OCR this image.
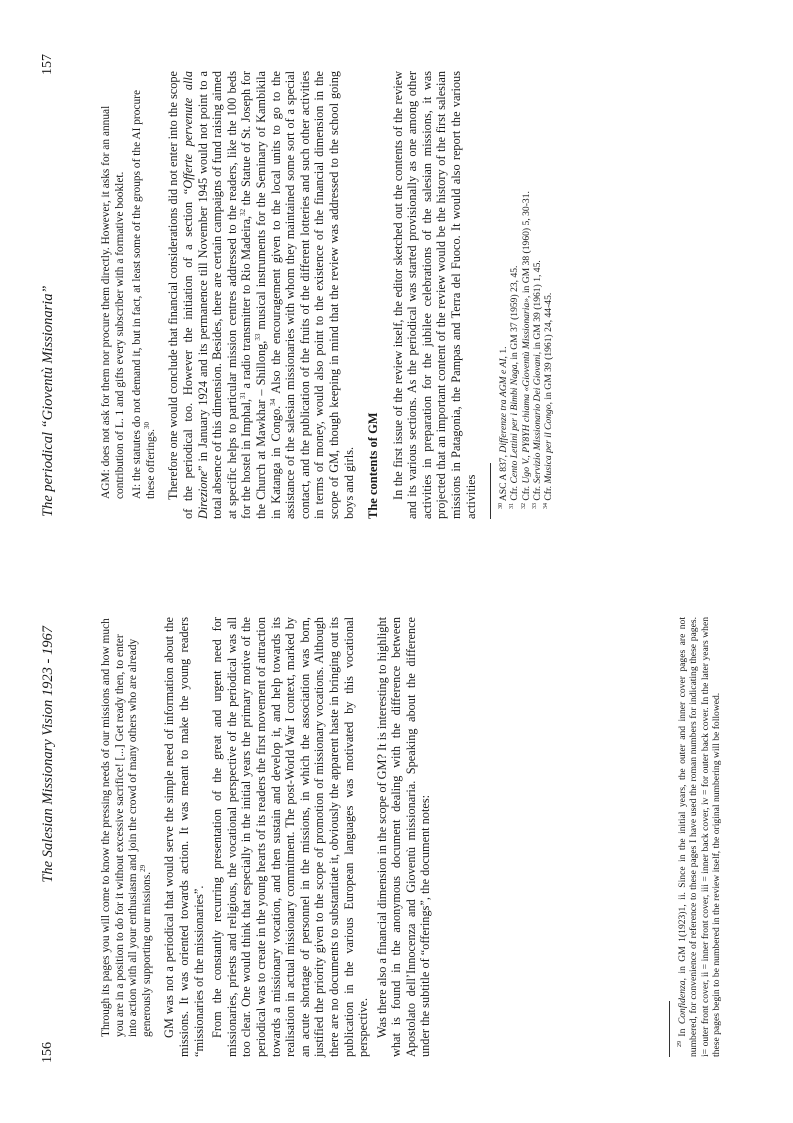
156
The Salesian Missionary Vision 1923 - 1967	Through its pages you will come to know the pressing needs of our missions and how much you are in a position to do for it without excessive sacrifice! [...] Get ready then, to enter into action with all your enthusiasm and join the crowd of many others who are already generously supporting our missions.$^{29}$	GM was not a periodical that would serve the simple need of information about the missions. It was oriented towards action. It was meant to make the young readers “missionaries of the missionaries”. From the constantly recurring presentation of the great and urgent need for missionaries, priests and religious, the vocational perspective of the periodical was all too clear. One would think that especially in the initial years the primary motive of the periodical was to create in the young hearts of its readers the first movement of attraction towards a missionary vocation, and then sustain and develop it, and help towards its realisation in actual missionary commitment. The post-World War I context, marked by an acute shortage of personnel in the missions, in which the association was born, justified the priority given to the scope of promotion of missionary vocations. Although there are no documents to substantiate it, obviously the apparent haste in bringing out its publication in the various European languages was motivated by this vocational perspective. Was there also a financial dimension in the scope of GM? It is interesting to highlight what is found in the anonymous document dealing with the difference between Apostolato dell’Innocenza and Gioventù missionaria. Speaking about the difference under the subtitle of “offerings”, the document notes:	$^{29}$ In Confidenza, in GM 1(1923)1, ii. Since in the initial years, the outer and inner cover pages are not numbered, for convenience of reference to these pages I have used the roman numbers for indicating these pages. i= outer front cover, ii = inner front cover, iii = inner back cover, iv = for outer back cover. In the later years when these pages begin to be numbered in the review itself, the original numbering will be followed.

The periodical “Gioventù Missionaria”
157

AGM: does not ask for them nor procure them directly. However, it asks for an annual contribution of L. 1 and gifts every subscriber with a formative booklet. AI: the statutes do not demand it, but in fact, at least some of the groups of the AI procure these offerings.$^{30}$	Therefore one would conclude that financial considerations did not enter into the scope of the periodical too. However the initiation of a section “Offerte pervenute alla Direzione” in January 1924 and its permanence till November 1945 would not point to a total absence of this dimension. Besides, there are certain campaigns of fund raising aimed at specific helps to particular mission centres addressed to the readers, like the 100 beds for the hostel in Imphal,$^{31}$ a radio transmitter to Rio Madeira,$^{32}$ the Statue of St. Joseph for the Church at Mawkhar – Shillong,$^{33}$ musical instruments for the Seminary of Kambikila in Katanga in Congo.$^{34}$ Also the encouragement given to the local units to go to the assistance of the salesian missionaries with whom they maintained some sort of a special contact, and the publication of the fruits of the different lotteries and such other activities in terms of money, would also point to the existence of the financial dimension in the scope of GM, though keeping in mind that the review was addressed to the school going boys and girls. The contents of GM In the first issue of the review itself, the editor sketched out the contents of the review and its various sections. As the periodical was started provisionally as one among other activities in preparation for the jubilee celebrations of the salesian missions, it was projected that an important content of the review would be the history of the first salesian missions in Patagonia, the Pampas and Terra del Fuoco. It would also report the various activities	$^{30}$ ASC A 837, Differenze tra AGM e AI, 1.

$^{31}$ Cfr. Cento Lettini per i Bimbi Naga, in GM 37 (1959) 23, 45.

$^{32}$ Cfr. Ugo V., PY8YH chiama «Gioventù Missionaria», in GM 38 (1960) 5, 30-31.

$^{33}$ Cfr. Servizio Missionario Dei Giovani, in GM 39 (1961) 1, 45.

$^{34}$ Cfr. Musica per il Congo, in GM 39 (1961) 24, 44-45.
